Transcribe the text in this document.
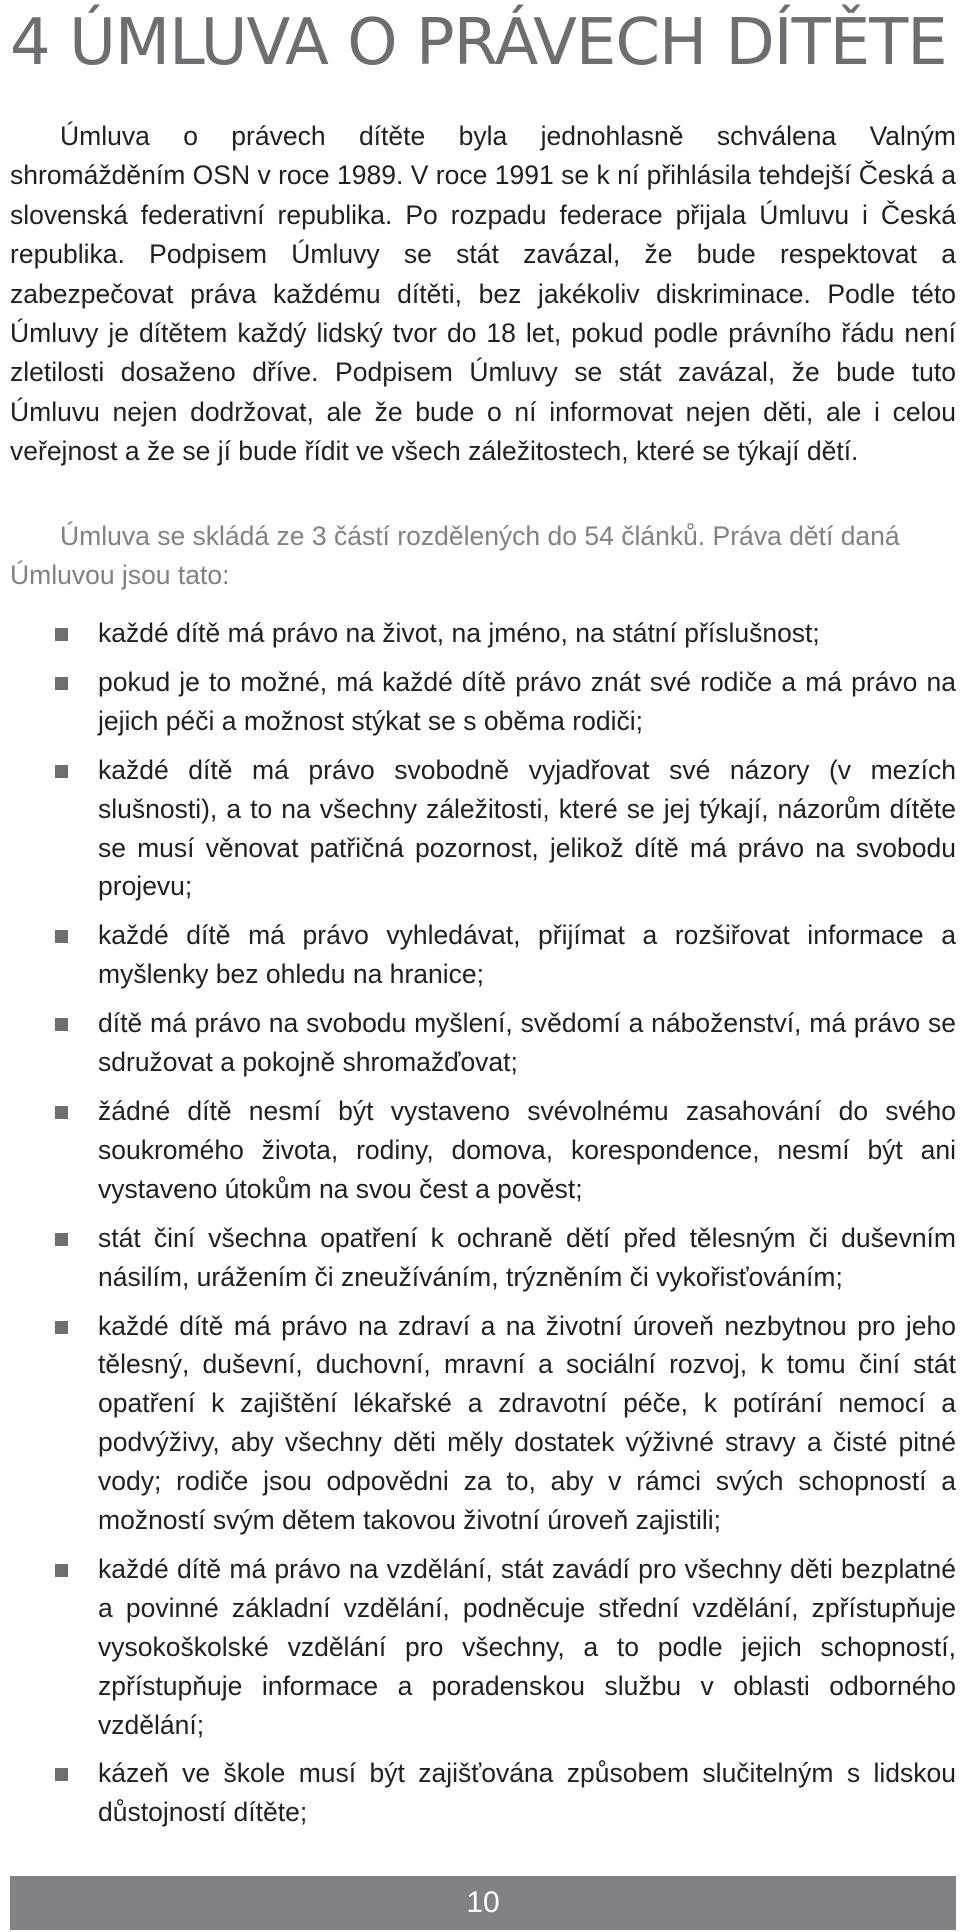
4 ÚMLUVA O PRÁVECH DÍTĚTE

Úmluva o právech dítěte byla jednohlasně schválena Valným shromážděním OSN v roce 1989. V roce 1991 se k ní přihlásila tehdejší Česká a slovenská federativní republika. Po rozpadu federace přijala Úmluvu i Česká republika. Podpisem Úmluvy se stát zavázal, že bude respektovat a zabezpečovat práva každému dítěti, bez jakékoliv diskriminace. Podle této Úmluvy je dítětem každý lidský tvor do 18 let, pokud podle právního řádu není zletilosti dosaženo dříve. Podpisem Úmluvy se stát zavázal, že bude tuto Úmluvu nejen dodržovat, ale že bude o ní informovat nejen děti, ale i celou veřejnost a že se jí bude řídit ve všech záležitostech, které se týkají dětí.

Úmluva se skládá ze 3 částí rozdělených do 54 článků. Práva dětí daná Úmluvou jsou tato:

každé dítě má právo na život, na jméno, na státní příslušnost;
pokud je to možné, má každé dítě právo znát své rodiče a má právo na jejich péči a možnost stýkat se s oběma rodiči;
každé dítě má právo svobodně vyjadřovat své názory (v mezích slušnosti), a to na všechny záležitosti, které se jej týkají, názorům dítěte se musí věnovat patřičná pozornost, jelikož dítě má právo na svobodu projevu;
každé dítě má právo vyhledávat, přijímat a rozšiřovat informace a myšlenky bez ohledu na hranice;
dítě má právo na svobodu myšlení, svědomí a náboženství, má právo se sdružovat a pokojně shromažďovat;
žádné dítě nesmí být vystaveno svévolnému zasahování do svého soukromého života, rodiny, domova, korespondence, nesmí být ani vystaveno útokům na svou čest a pověst;
stát činí všechna opatření k ochraně dětí před tělesným či duševním násilím, urážením či zneužíváním, trýzněním či vykořisťováním;
každé dítě má právo na zdraví a na životní úroveň nezbytnou pro jeho tělesný, duševní, duchovní, mravní a sociální rozvoj, k tomu činí stát opatření k zajištění lékařské a zdravotní péče, k potírání nemocí a podvýživy, aby všechny děti měly dostatek výživné stravy a čisté pitné vody; rodiče jsou odpovědni za to, aby v rámci svých schopností a možností svým dětem takovou životní úroveň zajistili;
každé dítě má právo na vzdělání, stát zavádí pro všechny děti bezplatné a povinné základní vzdělání, podněcuje střední vzdělání, zpřístupňuje vysokoškolské vzdělání pro všechny, a to podle jejich schopností, zpřístupňuje informace a poradenskou službu v oblasti odborného vzdělání;
kázeň ve škole musí být zajišťována způsobem slučitelným s lidskou důstojností dítěte;
10
